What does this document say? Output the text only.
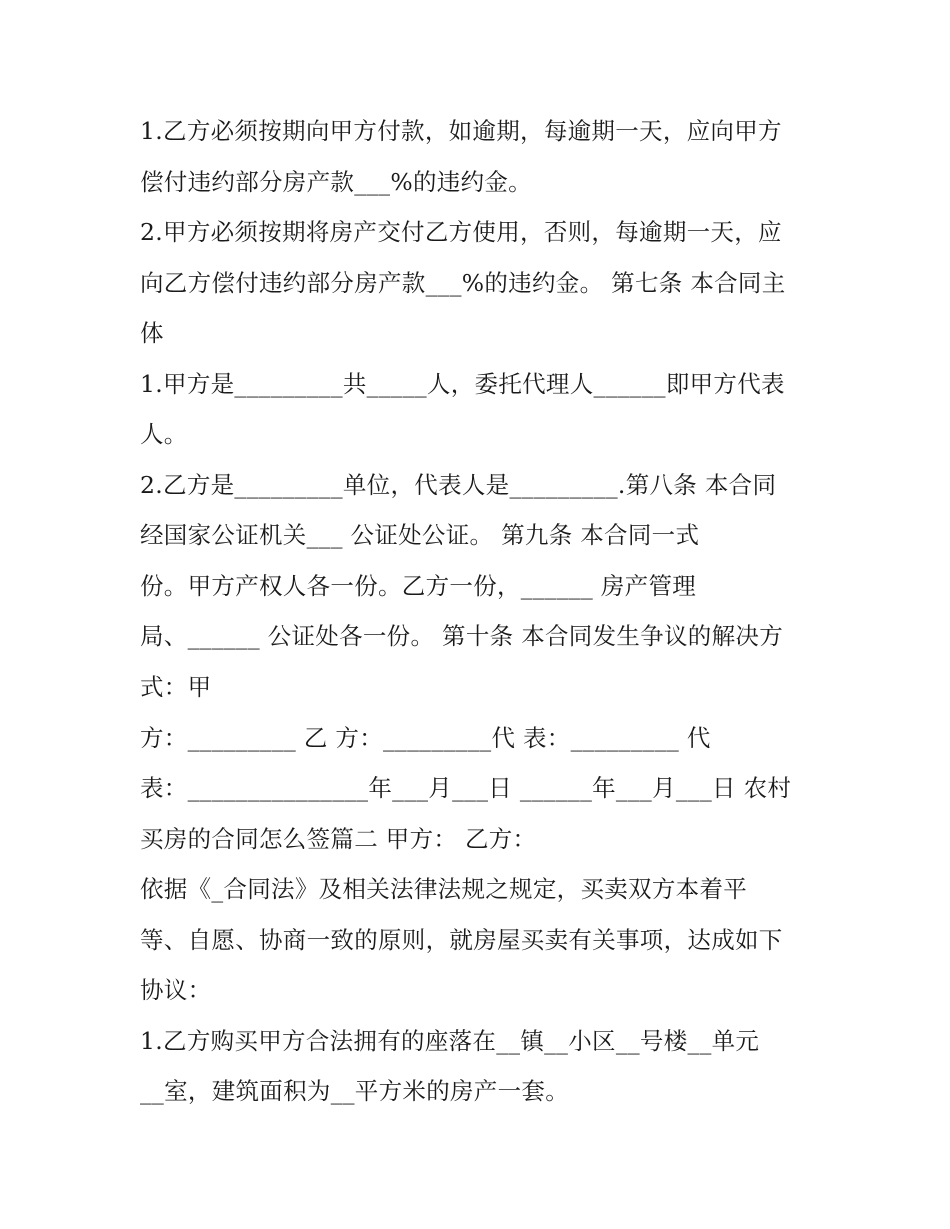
1.乙方必须按期向甲方付款，如逾期，每逾期一天，应向甲方

偿付违约部分房产款___%的违约金。

2.甲方必须按期将房产交付乙方使用，否则，每逾期一天，应

向乙方偿付违约部分房产款___%的违约金。 第七条 本合同主

体

1.甲方是_________共_____人，委托代理人______即甲方代表

人。

2.乙方是_________单位，代表人是_________.第八条 本合同

经国家公证机关___ 公证处公证。 第九条 本合同一式

份。甲方产权人各一份。乙方一份，______ 房产管理

局、______ 公证处各一份。 第十条 本合同发生争议的解决方

式：甲

方：_________ 乙 方：_________代 表：_________ 代

表：_______________年___月___日 ______年___月___日 农村

买房的合同怎么签篇二 甲方： 乙方：

依据《_合同法》及相关法律法规之规定，买卖双方本着平

等、自愿、协商一致的原则，就房屋买卖有关事项，达成如下

协议：

1.乙方购买甲方合法拥有的座落在__镇__小区__号楼__单元

__室，建筑面积为__平方米的房产一套。
